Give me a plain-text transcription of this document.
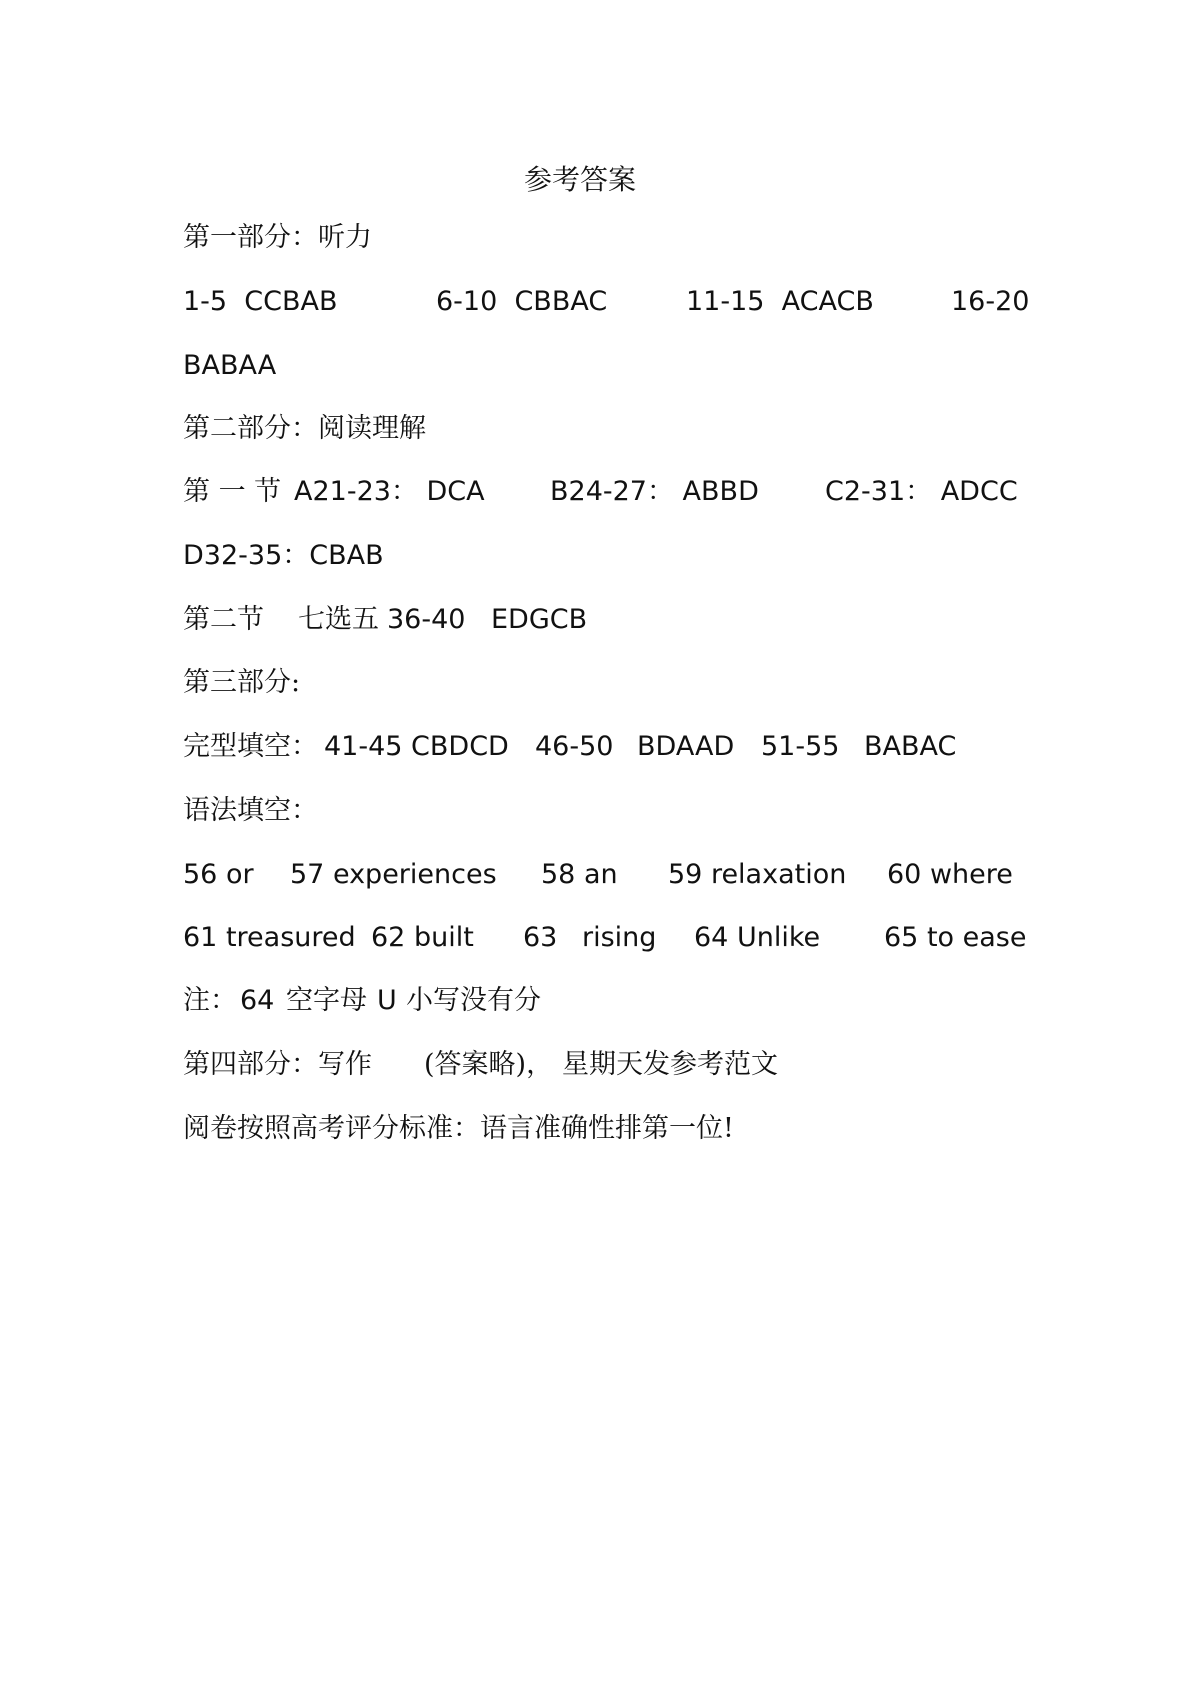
参考答案
第一部分：听力
1-5  CCBAB	6-10  CBBAC	11-15  ACACB	16-20
BABAA
第二部分：阅读理解
第 一 节 A21-23： DCA B24-27： ABBD C2-31： ADCC
D32-35：CBAB
第二节 七选五 36-40 EDGCB
第三部分:
完型填空： 41-45 CBDCD 46-50 BDAAD 51-55 BABAC
语法填空：
56 or 57 experiences 58 an 59 relaxation 60 where
61 treasured 62 built 63 rising 64 Unlike 65 to ease
注： 64 空字母 U 小写没有分
第四部分：写作 (答案略)， 星期天发参考范文
阅卷按照高考评分标准：语言准确性排第一位!
